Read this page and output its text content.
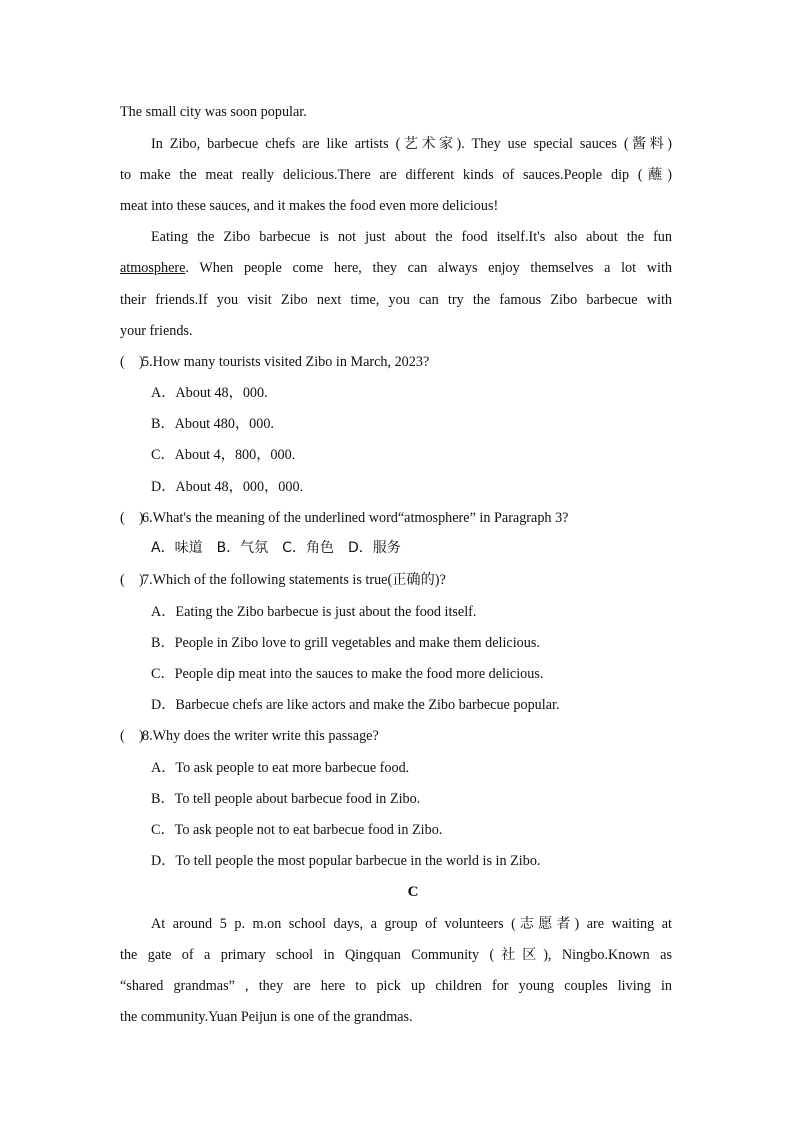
The small city was soon popular.
In Zibo, barbecue chefs are like artists (艺术家). They use special sauces (酱料)
to make the meat really delicious.There are different kinds of sauces.People dip (蘸)
meat into these sauces, and it makes the food even more delicious!
Eating the Zibo barbecue is not just about the food itself.It's also about the fun
atmosphere. When people come here, they can always enjoy themselves a lot with
their friends.If you visit Zibo next time, you can try the famous Zibo barbecue with
your friends.
(　)5.How many tourists visited Zibo in March, 2023?
A．About 48，000.
B．About 480，000.
C．About 4，800，000.
D．About 48，000，000.
(　)6.What's the meaning of the underlined word“atmosphere” in Paragraph 3?
A．味道　B．气氛　C．角色　D．服务
(　)7.Which of the following statements is true(正确的)?
A．Eating the Zibo barbecue is just about the food itself.
B．People in Zibo love to grill vegetables and make them delicious.
C．People dip meat into the sauces to make the food more delicious.
D．Barbecue chefs are like actors and make the Zibo barbecue popular.
(　)8.Why does the writer write this passage?
A．To ask people to eat more barbecue food.
B．To tell people about barbecue food in Zibo.
C．To ask people not to eat barbecue food in Zibo.
D．To tell people the most popular barbecue in the world is in Zibo.
C
At around 5 p. m.on school days, a group of volunteers (志愿者) are waiting at
the gate of a primary school in Qingquan Community (社区), Ningbo.Known as
“shared grandmas” , they are here to pick up children for young couples living in
the community.Yuan Peijun is one of the grandmas.
